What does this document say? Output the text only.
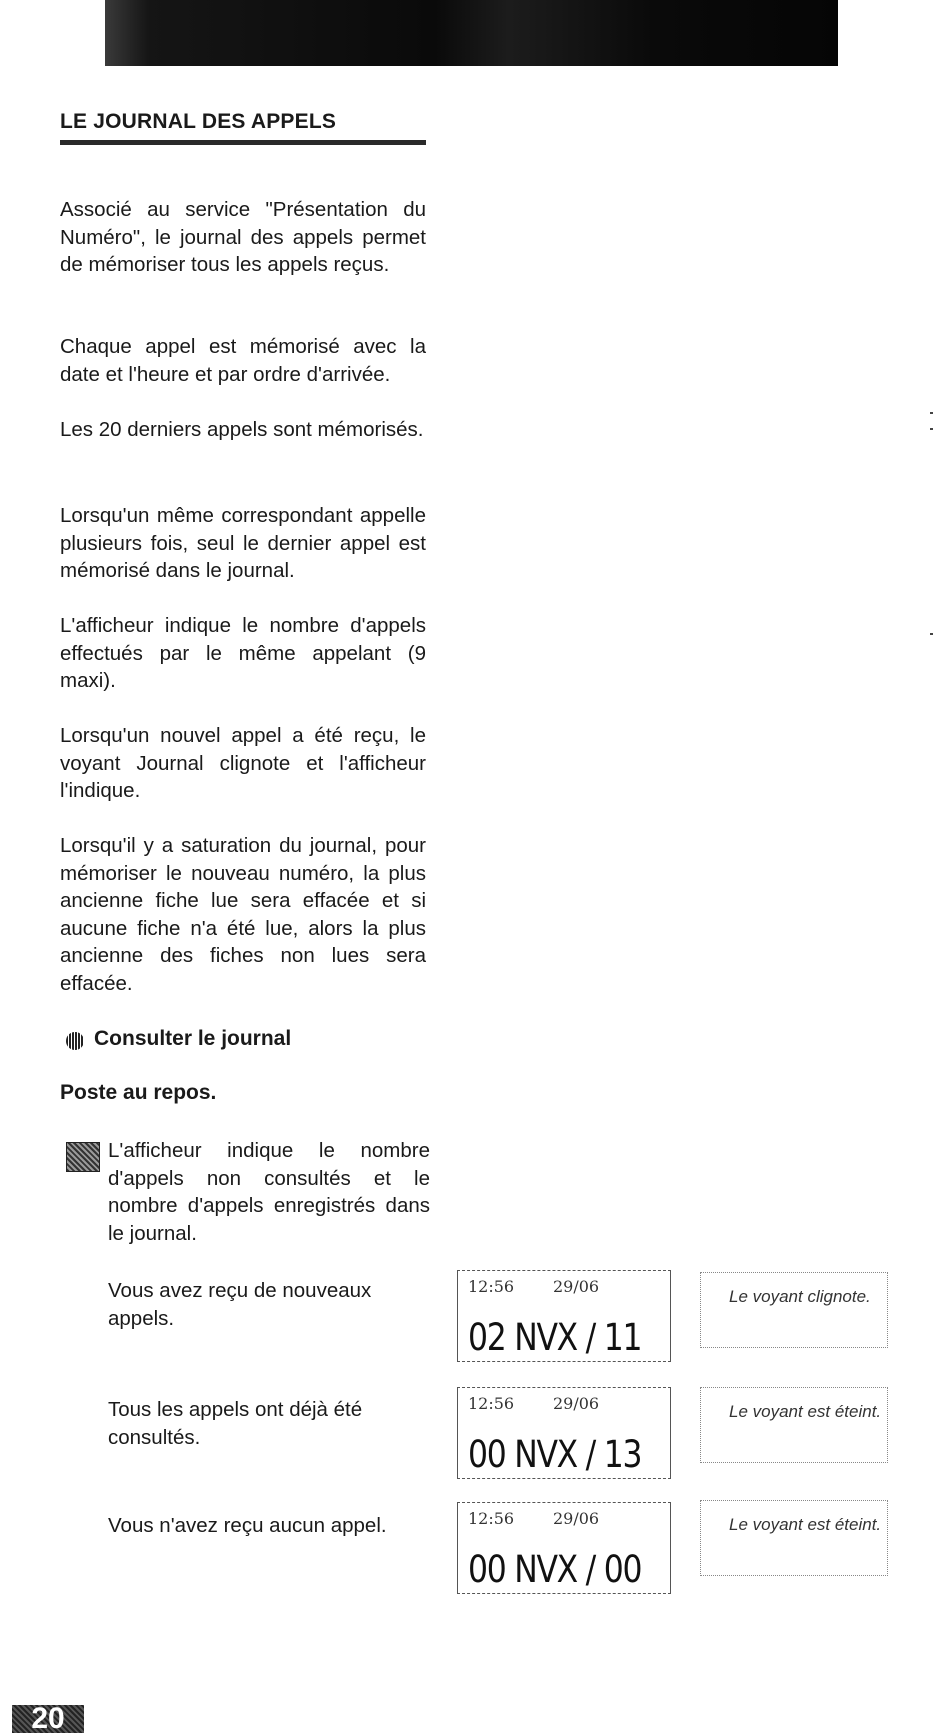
LE JOURNAL DES APPELS

Associé au service "Présentation du Numéro", le journal des appels permet de mémoriser tous les appels reçus.

Chaque appel est mémorisé avec la date et l'heure et par ordre d'arrivée.

Les 20 derniers appels sont mémorisés.

Lorsqu'un même correspondant appelle plusieurs fois, seul le dernier appel est mémorisé dans le journal.

L'afficheur indique le nombre d'appels effectués par le même appelant (9 maxi).

Lorsqu'un nouvel appel a été reçu, le voyant Journal clignote et l'afficheur l'indique.

Lorsqu'il y a saturation du journal, pour mémoriser le nouveau numéro, la plus ancienne fiche lue sera effacée et si aucune fiche n'a été lue, alors la plus ancienne des fiches non lues sera effacée.

Consulter le journal
Poste au repos.

L'afficheur indique le nombre d'appels non consultés et le nombre d'appels enregistrés dans le journal.

Vous avez reçu de nouveaux appels.

12:56 29/06
02 NVX / 11
Le voyant clignote.

Tous les appels ont déjà été consultés.

12:56 29/06
00 NVX / 13
Le voyant est éteint.

Vous n'avez reçu aucun appel.	12:56 29/06
00 NVX / 00
Le voyant est éteint.
20
